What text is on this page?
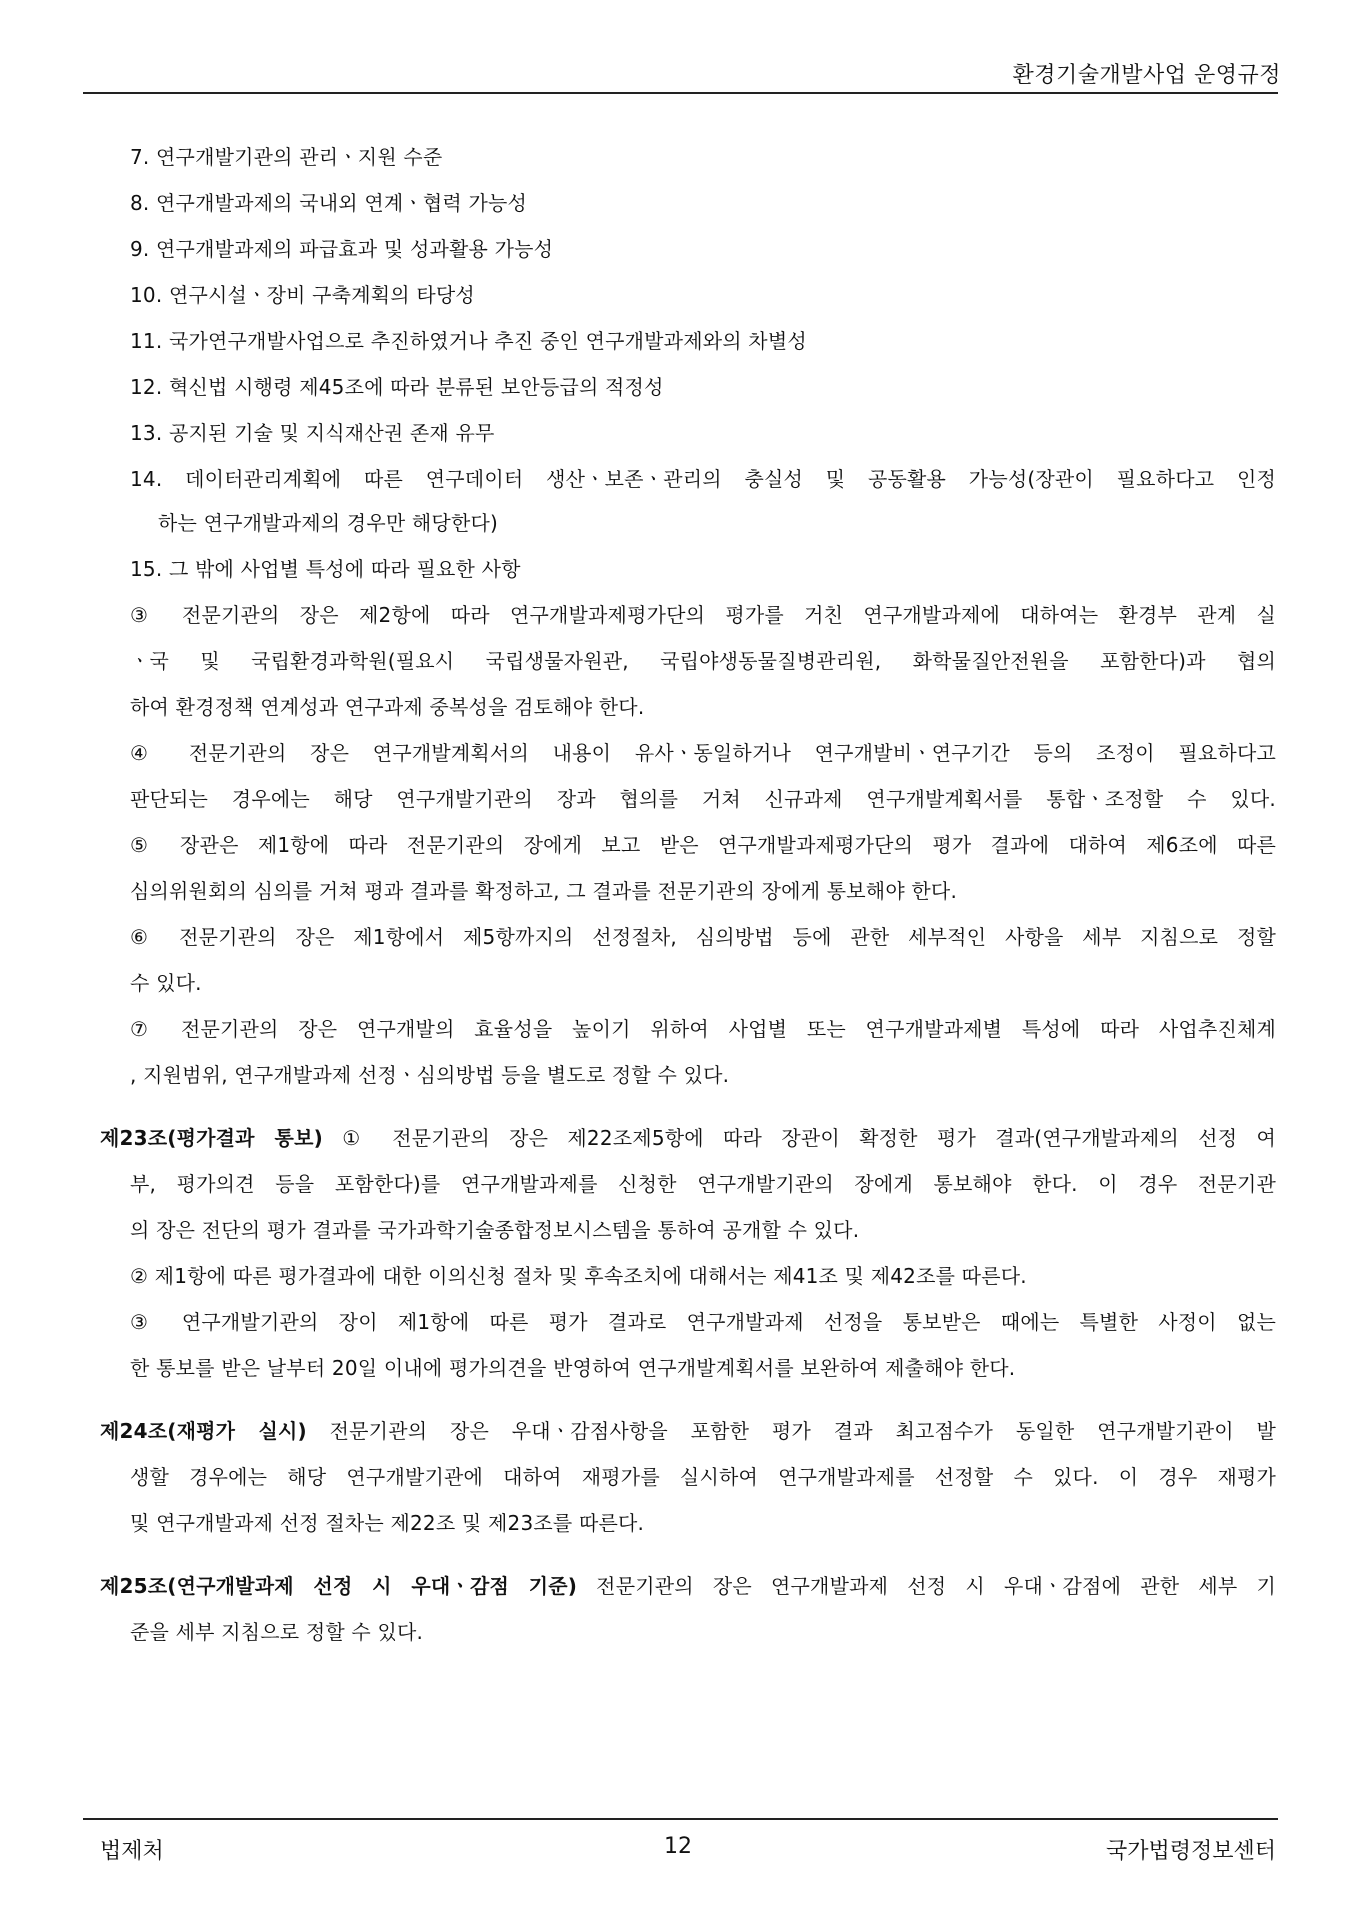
환경기술개발사업 운영규정
7. 연구개발기관의 관리ㆍ지원 수준
8. 연구개발과제의 국내외 연계ㆍ협력 가능성
9. 연구개발과제의 파급효과 및 성과활용 가능성
10. 연구시설ㆍ장비 구축계획의 타당성
11. 국가연구개발사업으로 추진하였거나 추진 중인 연구개발과제와의 차별성
12. 혁신법 시행령 제45조에 따라 분류된 보안등급의 적정성
13. 공지된 기술 및 지식재산권 존재 유무
14. 데이터관리계획에 따른 연구데이터 생산ㆍ보존ㆍ관리의 충실성 및 공동활용 가능성(장관이 필요하다고 인정
하는 연구개발과제의 경우만 해당한다)
15. 그 밖에 사업별 특성에 따라 필요한 사항
③ 전문기관의 장은 제2항에 따라 연구개발과제평가단의 평가를 거친 연구개발과제에 대하여는 환경부 관계 실
ㆍ국 및 국립환경과학원(필요시 국립생물자원관, 국립야생동물질병관리원, 화학물질안전원을 포함한다)과 협의
하여 환경정책 연계성과 연구과제 중복성을 검토해야 한다.
④ 전문기관의 장은 연구개발계획서의 내용이 유사ㆍ동일하거나 연구개발비ㆍ연구기간 등의 조정이 필요하다고
판단되는 경우에는 해당 연구개발기관의 장과 협의를 거쳐 신규과제 연구개발계획서를 통합ㆍ조정할 수 있다.
⑤ 장관은 제1항에 따라 전문기관의 장에게 보고 받은 연구개발과제평가단의 평가 결과에 대하여 제6조에 따른
심의위원회의 심의를 거쳐 평과 결과를 확정하고, 그 결과를 전문기관의 장에게 통보해야 한다.
⑥ 전문기관의 장은 제1항에서 제5항까지의 선정절차, 심의방법 등에 관한 세부적인 사항을 세부 지침으로 정할
수 있다.
⑦ 전문기관의 장은 연구개발의 효율성을 높이기 위하여 사업별 또는 연구개발과제별 특성에 따라 사업추진체계
, 지원범위, 연구개발과제 선정ㆍ심의방법 등을 별도로 정할 수 있다.
제23조(평가결과 통보) ① 전문기관의 장은 제22조제5항에 따라 장관이 확정한 평가 결과(연구개발과제의 선정 여
부, 평가의견 등을 포함한다)를 연구개발과제를 신청한 연구개발기관의 장에게 통보해야 한다. 이 경우 전문기관
의 장은 전단의 평가 결과를 국가과학기술종합정보시스템을 통하여 공개할 수 있다.
② 제1항에 따른 평가결과에 대한 이의신청 절차 및 후속조치에 대해서는 제41조 및 제42조를 따른다.
③ 연구개발기관의 장이 제1항에 따른 평가 결과로 연구개발과제 선정을 통보받은 때에는 특별한 사정이 없는
한 통보를 받은 날부터 20일 이내에 평가의견을 반영하여 연구개발계획서를 보완하여 제출해야 한다.
제24조(재평가 실시) 전문기관의 장은 우대ㆍ감점사항을 포함한 평가 결과 최고점수가 동일한 연구개발기관이 발
생할 경우에는 해당 연구개발기관에 대하여 재평가를 실시하여 연구개발과제를 선정할 수 있다. 이 경우 재평가
및 연구개발과제 선정 절차는 제22조 및 제23조를 따른다.
제25조(연구개발과제 선정 시 우대ㆍ감점 기준) 전문기관의 장은 연구개발과제 선정 시 우대ㆍ감점에 관한 세부 기
준을 세부 지침으로 정할 수 있다.
법제처	12	국가법령정보센터
